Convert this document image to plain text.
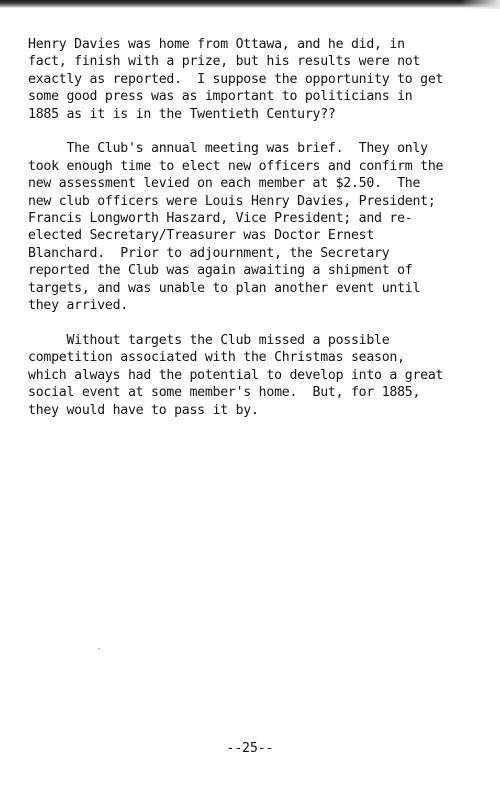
Henry Davies was home from Ottawa, and he did, in
fact, finish with a prize, but his results were not
exactly as reported.  I suppose the opportunity to get
some good press was as important to politicians in
1885 as it is in the Twentieth Century??
The Club's annual meeting was brief.  They only
took enough time to elect new officers and confirm the
new assessment levied on each member at $2.50.  The
new club officers were Louis Henry Davies, President;
Francis Longworth Haszard, Vice President; and re-
elected Secretary/Treasurer was Doctor Ernest
Blanchard.  Prior to adjournment, the Secretary
reported the Club was again awaiting a shipment of
targets, and was unable to plan another event until
they arrived.
Without targets the Club missed a possible
competition associated with the Christmas season,
which always had the potential to develop into a great
social event at some member's home.  But, for 1885,
they would have to pass it by.
--25--
